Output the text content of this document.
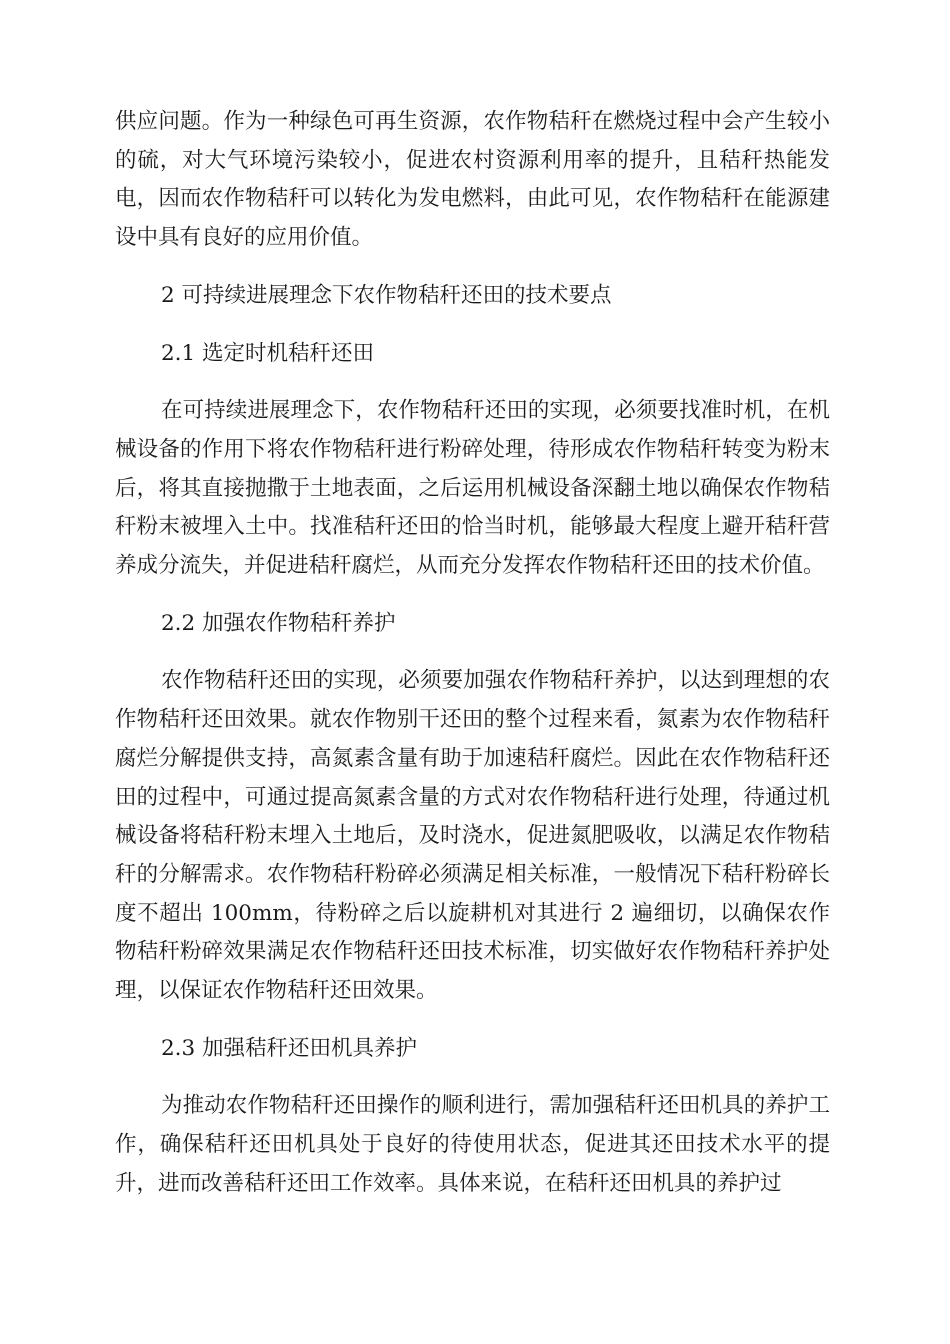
供应问题。作为一种绿色可再生资源，农作物秸秆在燃烧过程中会产生较小的硫，对大气环境污染较小，促进农村资源利用率的提升，且秸秆热能发电，因而农作物秸秆可以转化为发电燃料，由此可见，农作物秸秆在能源建设中具有良好的应用价值。

2 可持续进展理念下农作物秸秆还田的技术要点

2.1 选定时机秸秆还田

在可持续进展理念下，农作物秸秆还田的实现，必须要找准时机，在机械设备的作用下将农作物秸秆进行粉碎处理，待形成农作物秸秆转变为粉末后，将其直接抛撒于土地表面，之后运用机械设备深翻土地以确保农作物秸秆粉末被埋入土中。找准秸秆还田的恰当时机，能够最大程度上避开秸秆营养成分流失，并促进秸秆腐烂，从而充分发挥农作物秸秆还田的技术价值。

2.2 加强农作物秸秆养护

农作物秸秆还田的实现，必须要加强农作物秸秆养护，以达到理想的农作物秸秆还田效果。就农作物别干还田的整个过程来看，氮素为农作物秸秆腐烂分解提供支持，高氮素含量有助于加速秸秆腐烂。因此在农作物秸秆还田的过程中，可通过提高氮素含量的方式对农作物秸秆进行处理，待通过机械设备将秸秆粉末埋入土地后，及时浇水，促进氮肥吸收，以满足农作物秸秆的分解需求。农作物秸秆粉碎必须满足相关标准，一般情况下秸秆粉碎长度不超出 100mm，待粉碎之后以旋耕机对其进行 2 遍细切，以确保农作物秸秆粉碎效果满足农作物秸秆还田技术标准，切实做好农作物秸秆养护处理，以保证农作物秸秆还田效果。

2.3 加强秸秆还田机具养护

为推动农作物秸秆还田操作的顺利进行，需加强秸秆还田机具的养护工作，确保秸秆还田机具处于良好的待使用状态，促进其还田技术水平的提升，进而改善秸秆还田工作效率。具体来说，在秸秆还田机具的养护过
